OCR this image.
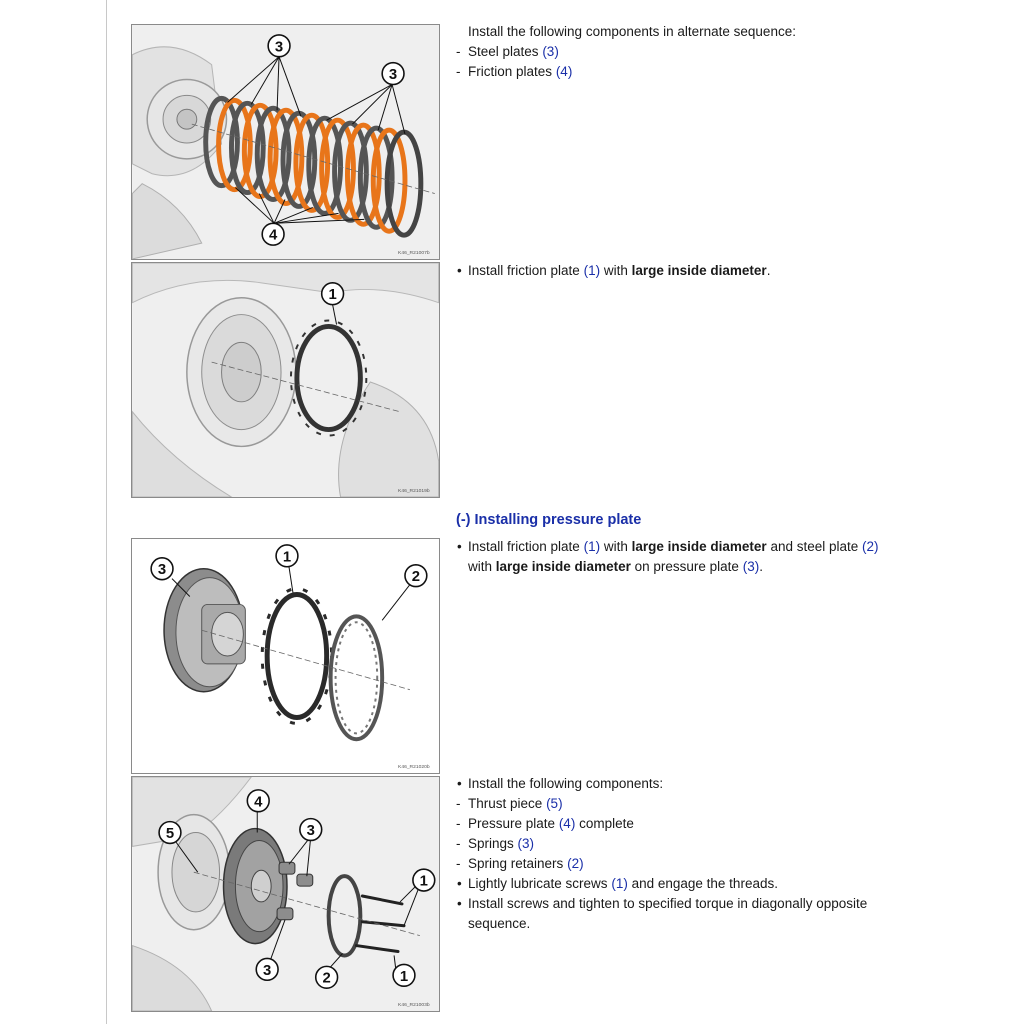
3
3
4
K46_R21007b
1
K46_R21019b
3
1
2
K46_R21020b
4
5	3
1
3	2	1
K46_R21003b
Install the following components in alternate sequence:
- Steel plates (3)
- Friction plates (4)
• Install friction plate (1) with large inside diameter.
(-) Installing pressure plate
• Install friction plate (1) with large inside diameter and steel plate (2)
with large inside diameter on pressure plate (3).
• Install the following components:
- Thrust piece (5)
- Pressure plate (4) complete
- Springs (3)
- Spring retainers (2)
• Lightly lubricate screws (1) and engage the threads.
• Install screws and tighten to specified torque in diagonally opposite
sequence.
